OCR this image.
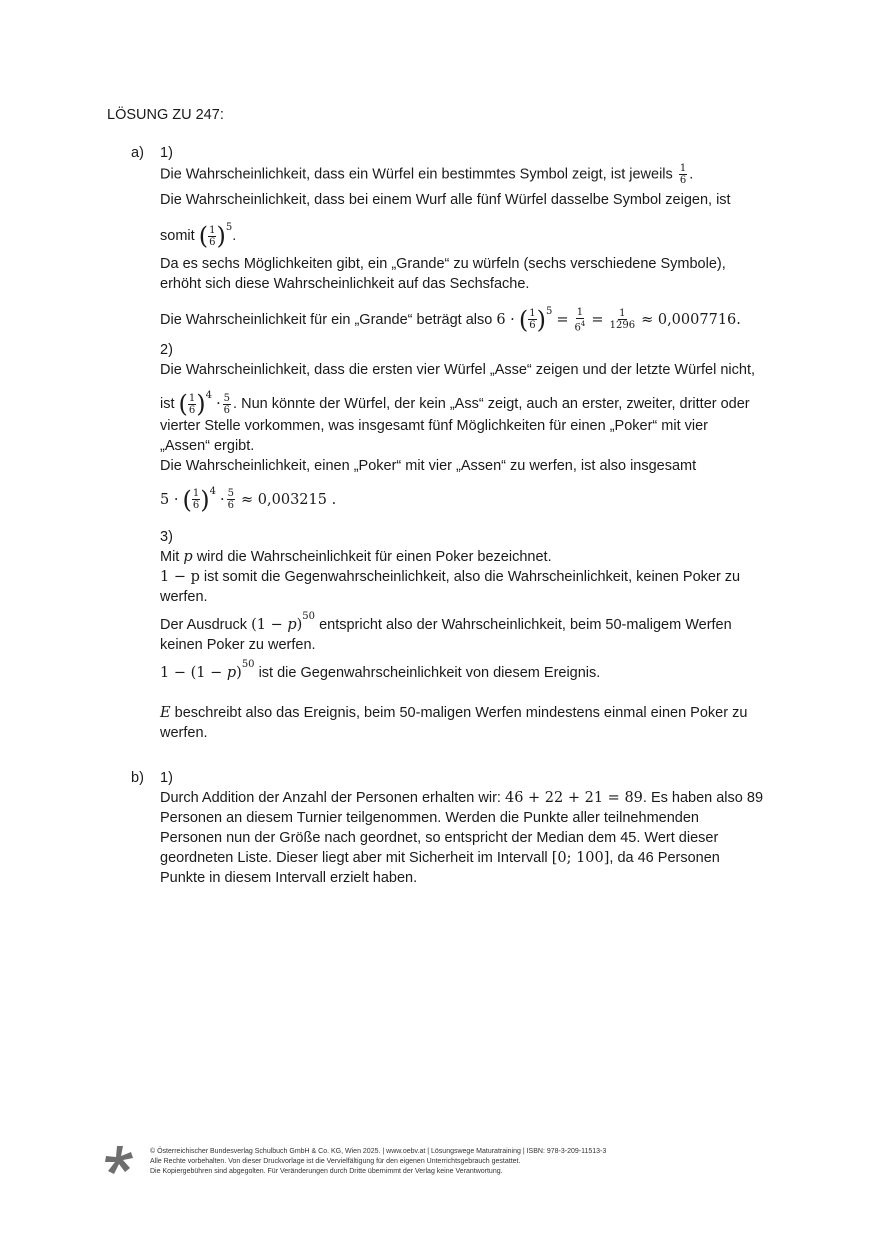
LÖSUNG ZU 247:
a) 1)
Die Wahrscheinlichkeit, dass ein Würfel ein bestimmtes Symbol zeigt, ist jeweils $\frac{1}{6}$ .
Die Wahrscheinlichkeit, dass bei einem Wurf alle fünf Würfel dasselbe Symbol zeigen, ist
somit ( $\frac{1}{6} )^5$.
Da es sechs Möglichkeiten gibt, ein „Grande“ zu würfeln (sechs verschiedene Symbole),
erhöht sich diese Wahrscheinlichkeit auf das Sechsfache.
Die Wahrscheinlichkeit für ein „Grande“ beträgt also 6 · ( $\frac{1}{6} )^5 = \frac{1}{6^4} = \frac{1}{1296} \approx 0,0007716$.
2)
Die Wahrscheinlichkeit, dass die ersten vier Würfel „Asse“ zeigen und der letzte Würfel nicht,
ist ( $\frac{1}{6} )^4 \cdot \frac{5}{6}$ . Nun könnte der Würfel, der kein „Ass“ zeigt, auch an erster, zweiter, dritter oder
vierter Stelle vorkommen, was insgesamt fünf Möglichkeiten für einen „Poker“ mit vier
„Assen“ ergibt.
Die Wahrscheinlichkeit, einen „Poker“ mit vier „Assen“ zu werfen, ist also insgesamt
5 · ( $\frac{1}{6} )^4 \cdot \frac{5}{6} \approx 0,003215$ .
3)
Mit p wird die Wahrscheinlichkeit für einen Poker bezeichnet.
1 − p ist somit die Gegenwahrscheinlichkeit, also die Wahrscheinlichkeit, keinen Poker zu
werfen.
Der Ausdruck $(1 - p)^{50}$ entspricht also der Wahrscheinlichkeit, beim 50-maligem Werfen
keinen Poker zu werfen.
$1 - (1 - p)^{50}$ ist die Gegenwahrscheinlichkeit von diesem Ereignis.
E beschreibt also das Ereignis, beim 50-maligen Werfen mindestens einmal einen Poker zu
werfen.
b) 1)
Durch Addition der Anzahl der Personen erhalten wir: 46 + 22 + 21 = 89. Es haben also 89
Personen an diesem Turnier teilgenommen. Werden die Punkte aller teilnehmenden
Personen nun der Größe nach geordnet, so entspricht der Median dem 45. Wert dieser
geordneten Liste. Dieser liegt aber mit Sicherheit im Intervall [0; 100], da 46 Personen
Punkte in diesem Intervall erzielt haben.
© Österreichischer Bundesverlag Schulbuch GmbH & Co. KG, Wien 2025. | www.oebv.at | Lösungswege Maturatraining | ISBN: 978-3-209-11513-3
Alle Rechte vorbehalten. Von dieser Druckvorlage ist die Vervielfältigung für den eigenen Unterrichtsgebrauch gestattet.
Die Kopiergebühren sind abgegolten. Für Veränderungen durch Dritte übernimmt der Verlag keine Verantwortung.
